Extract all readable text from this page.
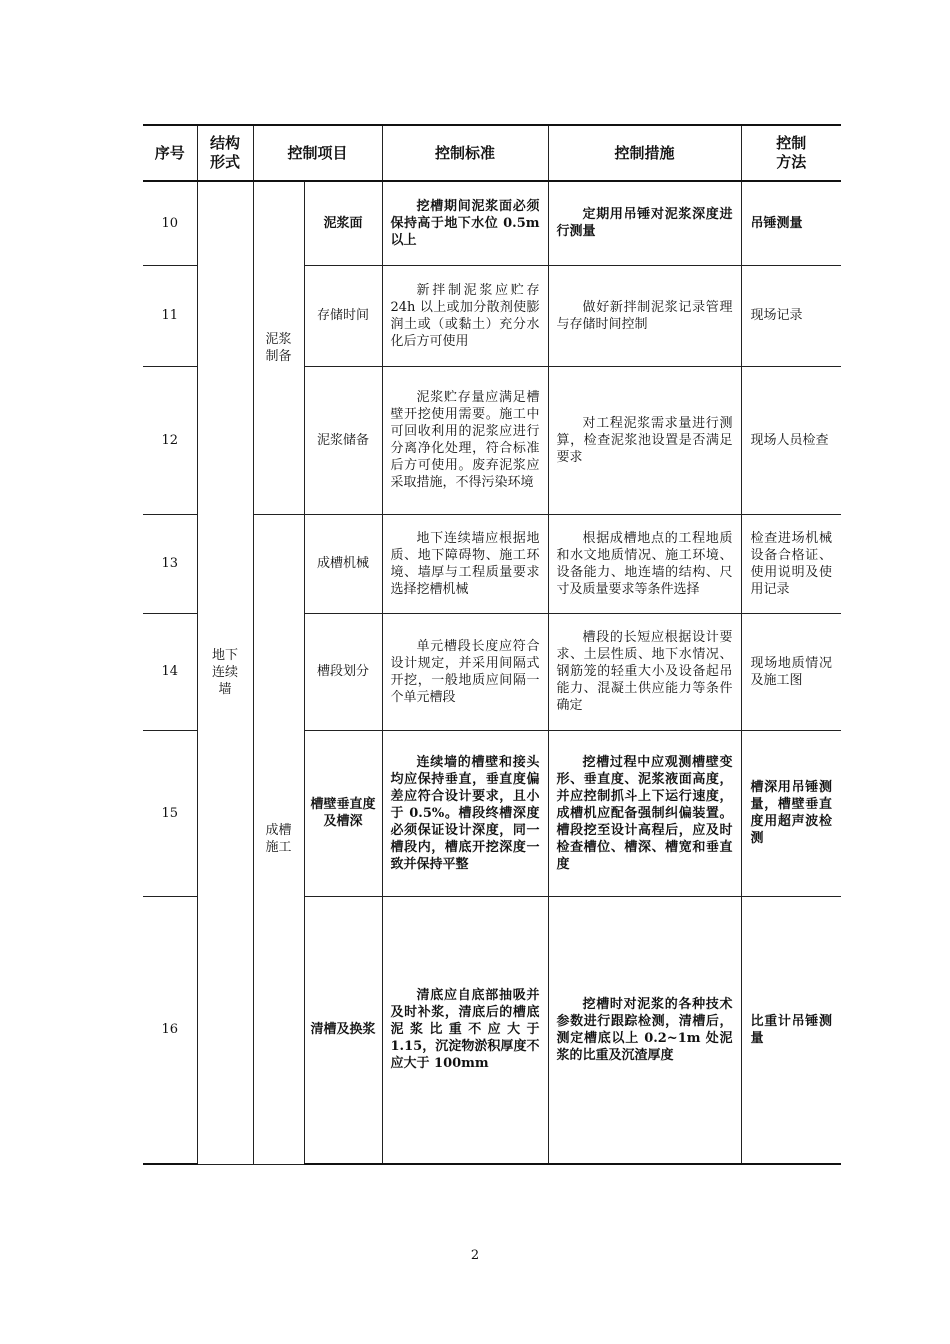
序号	结构形式	控制项目		控制标准	控制措施	控制方法

10	地下连续墙	泥浆制备	泥浆面	挖槽期间泥浆面必须保持高于地下水位 0.5m 以上	定期用吊锤对泥浆深度进行测量	吊锤测量
11			存储时间	新拌制泥浆应贮存 24h 以上或加分散剂使膨润土或（或黏土）充分水化后方可使用	做好新拌制泥浆记录管理与存储时间控制	现场记录
12			泥浆储备	泥浆贮存量应满足槽壁开挖使用需要。施工中可回收利用的泥浆应进行分离净化处理，符合标准后方可使用。废弃泥浆应采取措施，不得污染环境	对工程泥浆需求量进行测算，检查泥浆池设置是否满足要求	现场人员检查
13		成槽施工	成槽机械	地下连续墙应根据地质、地下障碍物、施工环境、墙厚与工程质量要求选择挖槽机械	根据成槽地点的工程地质和水文地质情况、施工环境、设备能力、地连墙的结构、尺寸及质量要求等条件选择	检查进场机械设备合格证、使用说明及使用记录
14			槽段划分	单元槽段长度应符合设计规定，并采用间隔式开挖，一般地质应间隔一个单元槽段	槽段的长短应根据设计要求、土层性质、地下水情况、钢筋笼的轻重大小及设备起吊能力、混凝土供应能力等条件确定	现场地质情况及施工图
15			槽壁垂直度及槽深	连续墙的槽壁和接头均应保持垂直，垂直度偏差应符合设计要求，且小于 0.5%。槽段终槽深度必须保证设计深度，同一槽段内，槽底开挖深度一致并保持平整	挖槽过程中应观测槽壁变形、垂直度、泥浆液面高度，并应控制抓斗上下运行速度，成槽机应配备强制纠偏装置。槽段挖至设计高程后，应及时检查槽位、槽深、槽宽和垂直度	槽深用吊锤测量，槽壁垂直度用超声波检测
16			清槽及换浆	清底应自底部抽吸并及时补浆，清底后的槽底泥浆比重不应大于 1.15，沉淀物淤积厚度不应大于 100mm	挖槽时对泥浆的各种技术参数进行跟踪检测，清槽后，测定槽底以上 0.2~1m 处泥浆的比重及沉渣厚度	比重计吊锤测量
2
